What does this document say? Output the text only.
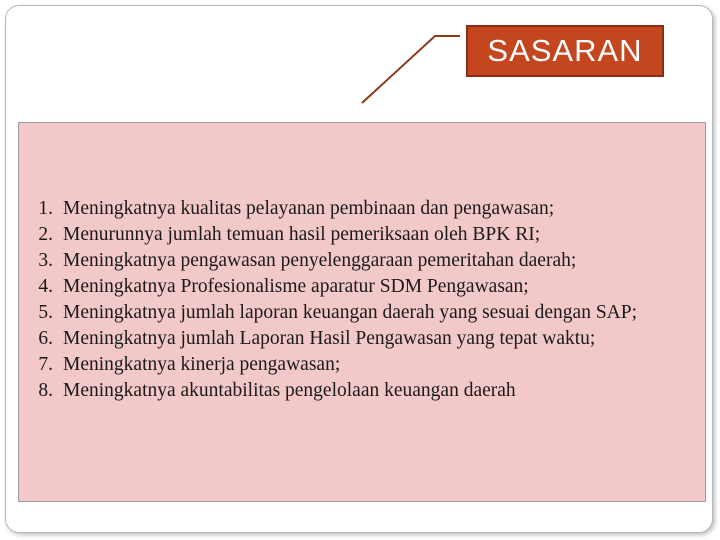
SASARAN
1. Meningkatnya kualitas pelayanan pembinaan dan pengawasan;
2. Menurunnya jumlah temuan hasil pemeriksaan oleh BPK RI;
3. Meningkatnya pengawasan penyelenggaraan pemeritahan daerah;
4. Meningkatnya Profesionalisme aparatur SDM Pengawasan;
5. Meningkatnya jumlah laporan keuangan daerah yang sesuai dengan SAP;
6. Meningkatnya jumlah Laporan Hasil Pengawasan yang tepat waktu;
7. Meningkatnya kinerja pengawasan;
8. Meningkatnya akuntabilitas pengelolaan keuangan daerah
